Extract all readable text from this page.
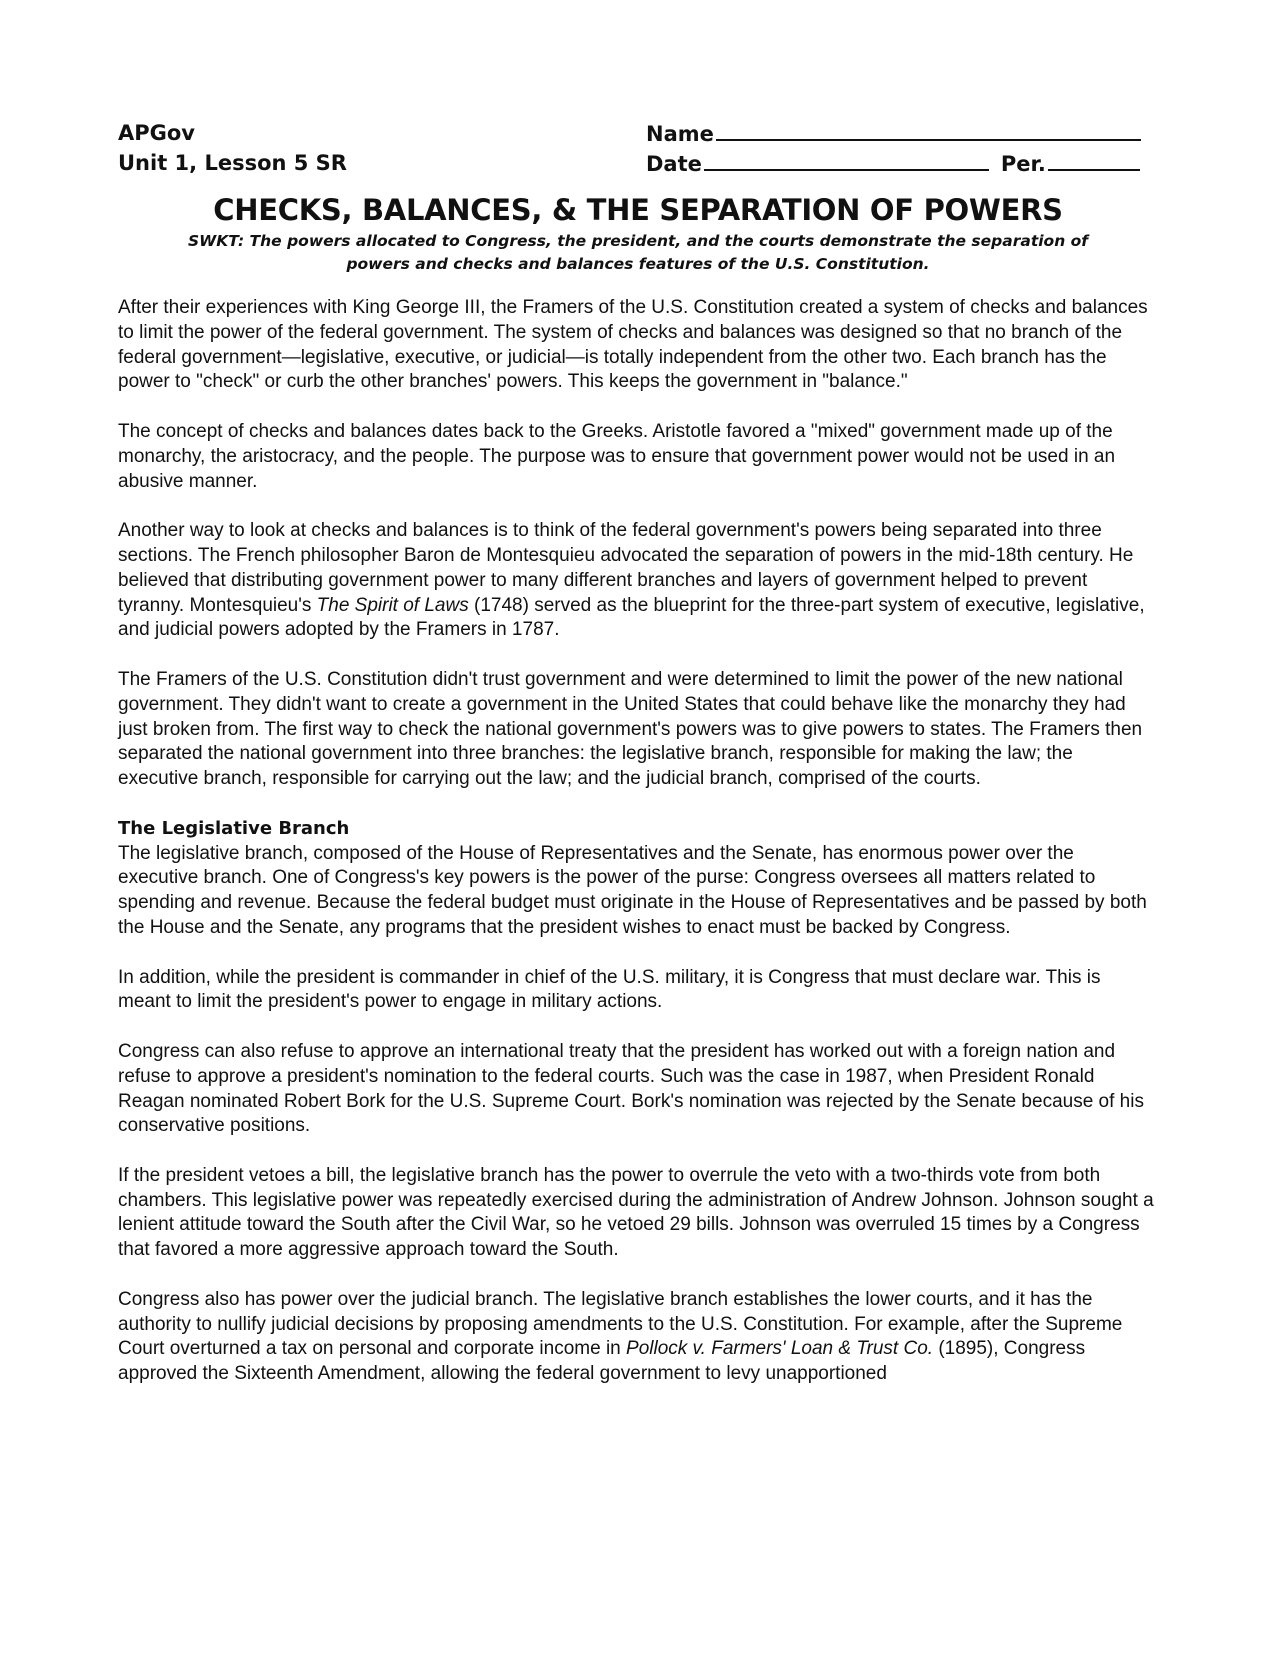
APGov	Name
Unit 1, Lesson 5 SR	Date	Per.
CHECKS, BALANCES, & THE SEPARATION OF POWERS
SWKT: The powers allocated to Congress, the president, and the courts demonstrate the separation of powers and checks and balances features of the U.S. Constitution.

After their experiences with King George III, the Framers of the U.S. Constitution created a system of checks and balances to limit the power of the federal government. The system of checks and balances was designed so that no branch of the federal government—legislative, executive, or judicial—is totally independent from the other two. Each branch has the power to "check" or curb the other branches' powers. This keeps the government in "balance."

The concept of checks and balances dates back to the Greeks. Aristotle favored a "mixed" government made up of the monarchy, the aristocracy, and the people. The purpose was to ensure that government power would not be used in an abusive manner.

Another way to look at checks and balances is to think of the federal government's powers being separated into three sections. The French philosopher Baron de Montesquieu advocated the separation of powers in the mid-18th century. He believed that distributing government power to many different branches and layers of government helped to prevent tyranny. Montesquieu's The Spirit of Laws (1748) served as the blueprint for the three-part system of executive, legislative, and judicial powers adopted by the Framers in 1787.

The Framers of the U.S. Constitution didn't trust government and were determined to limit the power of the new national government. They didn't want to create a government in the United States that could behave like the monarchy they had just broken from. The first way to check the national government's powers was to give powers to states. The Framers then separated the national government into three branches: the legislative branch, responsible for making the law; the executive branch, responsible for carrying out the law; and the judicial branch, comprised of the courts.

The Legislative Branch

The legislative branch, composed of the House of Representatives and the Senate, has enormous power over the executive branch. One of Congress's key powers is the power of the purse: Congress oversees all matters related to spending and revenue. Because the federal budget must originate in the House of Representatives and be passed by both the House and the Senate, any programs that the president wishes to enact must be backed by Congress.

In addition, while the president is commander in chief of the U.S. military, it is Congress that must declare war. This is meant to limit the president's power to engage in military actions.

Congress can also refuse to approve an international treaty that the president has worked out with a foreign nation and refuse to approve a president's nomination to the federal courts. Such was the case in 1987, when President Ronald Reagan nominated Robert Bork for the U.S. Supreme Court. Bork's nomination was rejected by the Senate because of his conservative positions.

If the president vetoes a bill, the legislative branch has the power to overrule the veto with a two-thirds vote from both chambers. This legislative power was repeatedly exercised during the administration of Andrew Johnson. Johnson sought a lenient attitude toward the South after the Civil War, so he vetoed 29 bills. Johnson was overruled 15 times by a Congress that favored a more aggressive approach toward the South.

Congress also has power over the judicial branch. The legislative branch establishes the lower courts, and it has the authority to nullify judicial decisions by proposing amendments to the U.S. Constitution. For example, after the Supreme Court overturned a tax on personal and corporate income in Pollock v. Farmers' Loan & Trust Co. (1895), Congress approved the Sixteenth Amendment, allowing the federal government to levy unapportioned
